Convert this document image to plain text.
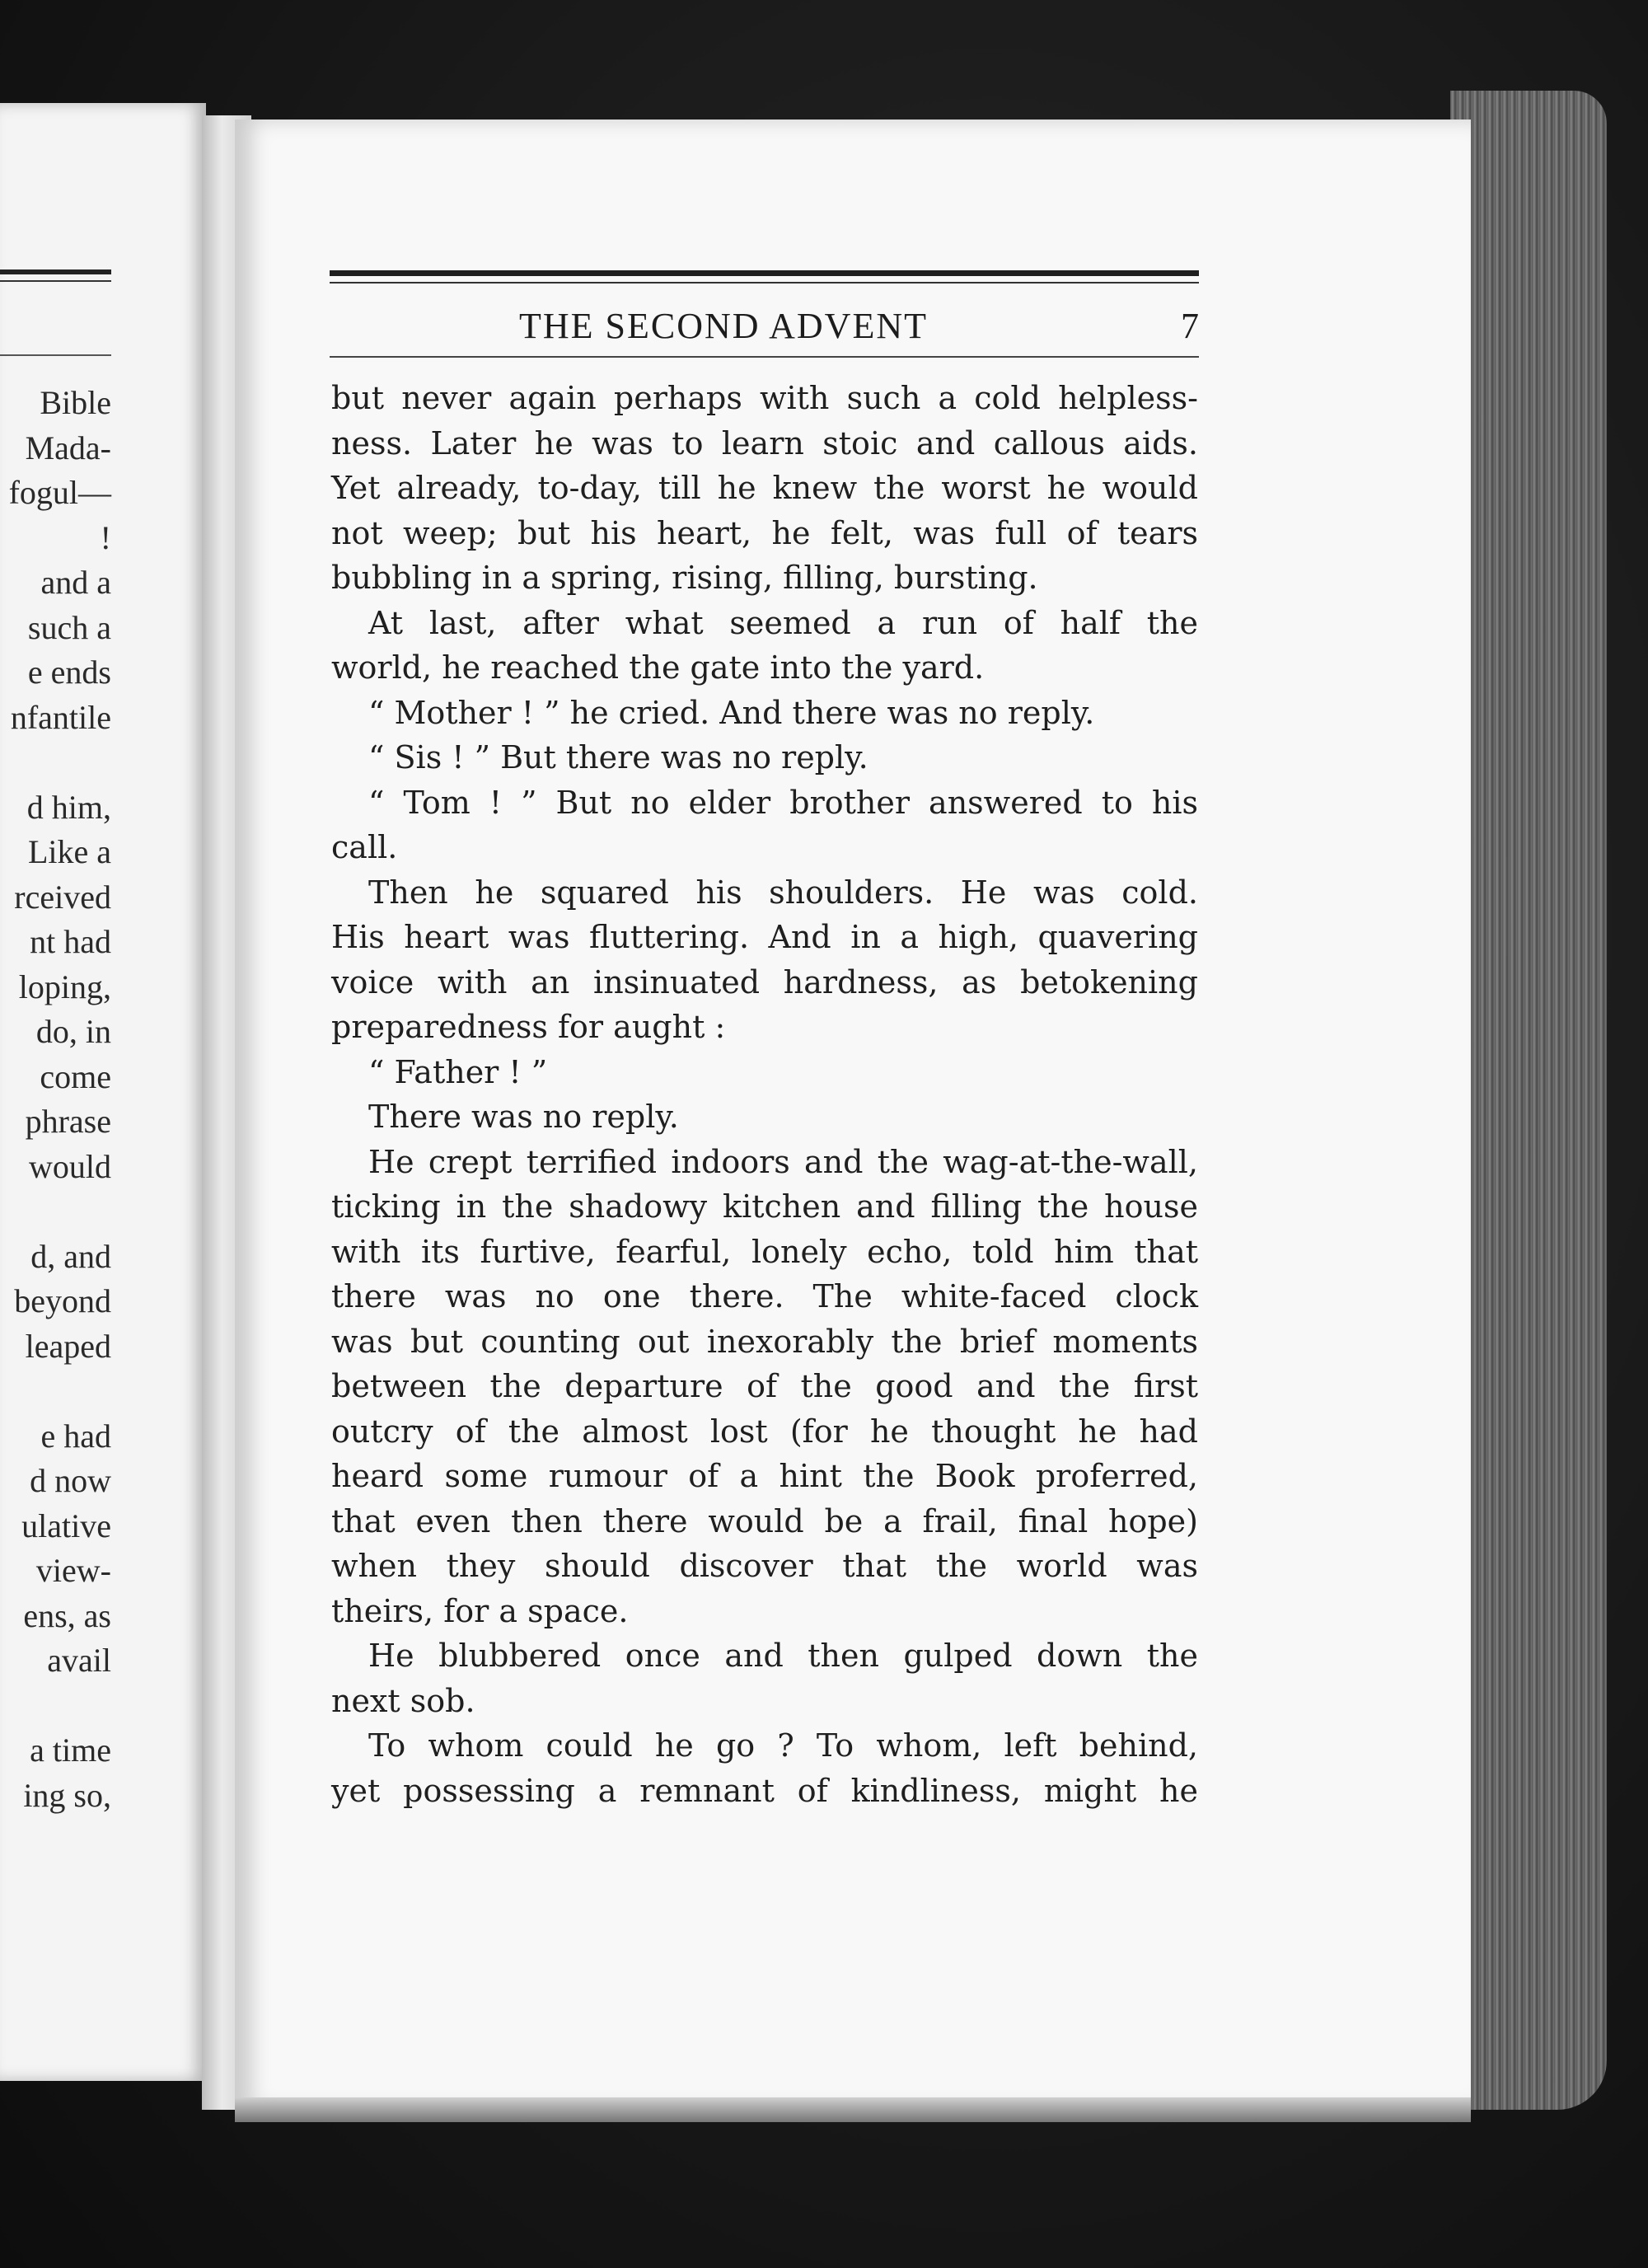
Bible
Mada-
fogul—
!
and a
such a
e ends
nfantile
d him,
Like a
rceived
nt had
loping,
do, in
come
phrase
would
d, and
beyond
leaped
e had
d now
ulative
view-
ens, as
avail
a time
ing so,
THE SECOND ADVENT	7
but never again perhaps with such a cold helpless-
ness. Later he was to learn stoic and callous aids.
Yet already, to-day, till he knew the worst he would
not weep; but his heart, he felt, was full of tears
bubbling in a spring, rising, filling, bursting.
At last, after what seemed a run of half the
world, he reached the gate into the yard.
“ Mother ! ” he cried. And there was no reply.
“ Sis ! ” But there was no reply.
“ Tom ! ” But no elder brother answered to his
call.
Then he squared his shoulders. He was cold.
His heart was fluttering. And in a high, quavering
voice with an insinuated hardness, as betokening
preparedness for aught :
“ Father ! ”
There was no reply.
He crept terrified indoors and the wag-at-the-wall,
ticking in the shadowy kitchen and filling the house
with its furtive, fearful, lonely echo, told him that
there was no one there. The white-faced clock
was but counting out inexorably the brief moments
between the departure of the good and the first
outcry of the almost lost (for he thought he had
heard some rumour of a hint the Book proferred,
that even then there would be a frail, final hope)
when they should discover that the world was
theirs, for a space.
He blubbered once and then gulped down the
next sob.
To whom could he go ? To whom, left behind,
yet possessing a remnant of kindliness, might he
